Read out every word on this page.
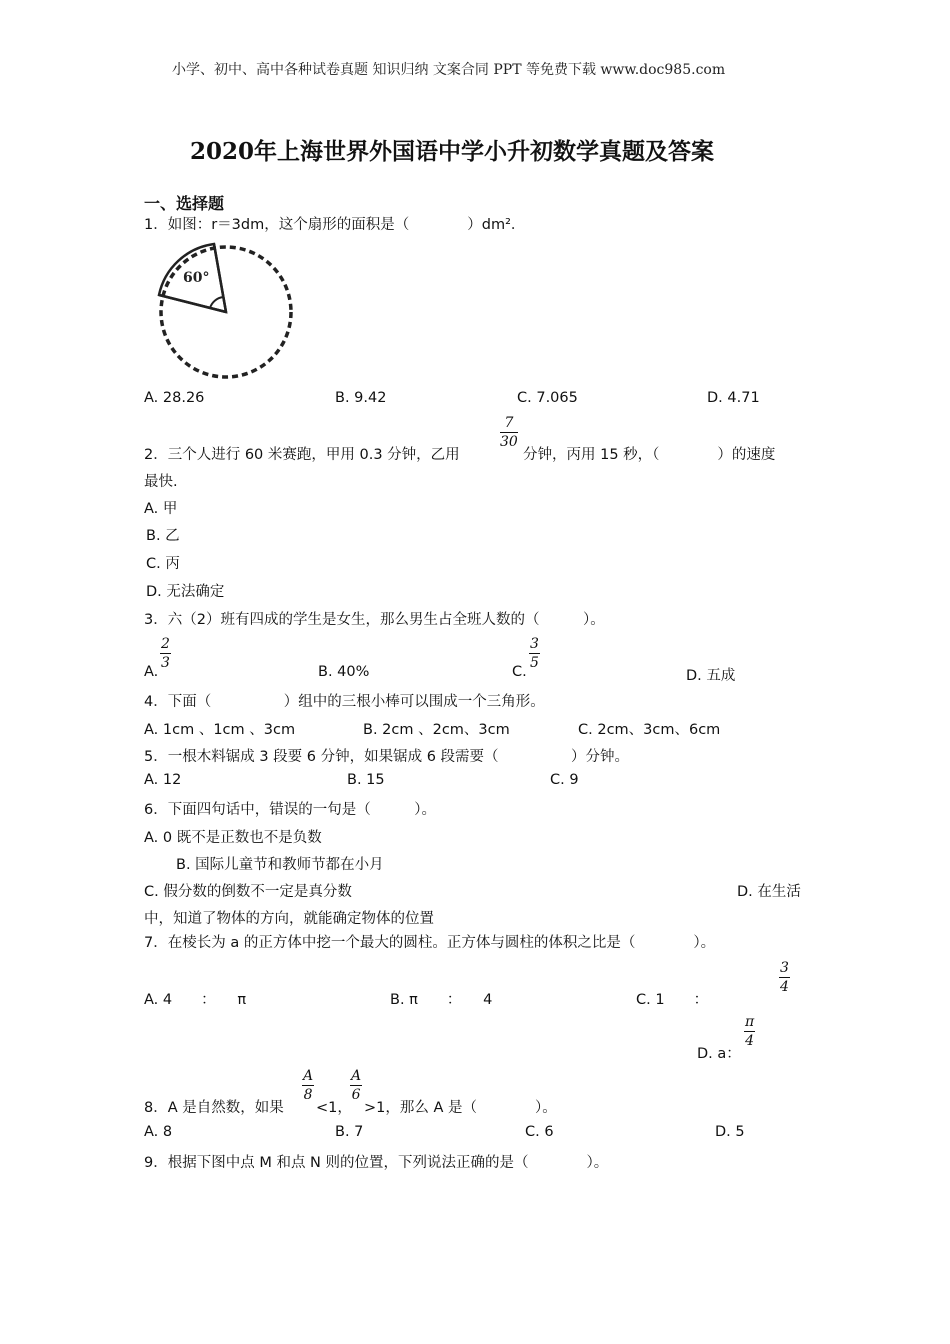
小学、初中、高中各种试卷真题 知识归纳 文案合同 PPT 等免费下载 www.doc985.com
2020年上海世界外国语中学小升初数学真题及答案
一、选择题
1．如图：r＝3dm，这个扇形的面积是（　　　　）dm²．
60°
A. 28.26	B. 9.42	C. 7.065	D. 4.71
2．三个人进行 60 米赛跑，甲用 0.3 分钟，乙用
$\frac{7}{30}$
分钟，丙用 15 秒，（　　　　）的速度
最快.
A. 甲
B. 乙
C. 丙
D. 无法确定
3．六（2）班有四成的学生是女生，那么男生占全班人数的（　　　）。
A.
$\frac{2}{3}$
B. 40%	C.
$\frac{3}{5}$
D. 五成
4．下面（　　　　　）组中的三根小棒可以围成一个三角形。
A. 1cm 、1cm 、3cm	B. 2cm 、2cm、3cm	C. 2cm、3cm、6cm
5．一根木料锯成 3 段要 6 分钟，如果锯成 6 段需要（　　　　　）分钟。
A. 12	B. 15	C. 9
6．下面四句话中，错误的一句是（　　　）。
A. 0 既不是正数也不是负数
B. 国际儿童节和教师节都在小月
C. 假分数的倒数不一定是真分数	D. 在生活
中，知道了物体的方向，就能确定物体的位置
7．在棱长为 a 的正方体中挖一个最大的圆柱。正方体与圆柱的体积之比是（　　　　）。
A. 4　　：　　π	B. π　　：　　4	C. 1　　：
$\frac{3}{4}$
D. a：
$\frac{\pi}{4}$
8．A 是自然数，如果
$\frac{A}{8}$
<1，
$\frac{A}{6}$
>1，那么 A 是（　　　　）。
A. 8	B. 7	C. 6	D. 5
9．根据下图中点 M 和点 N 则的位置，下列说法正确的是（　　　　）。
